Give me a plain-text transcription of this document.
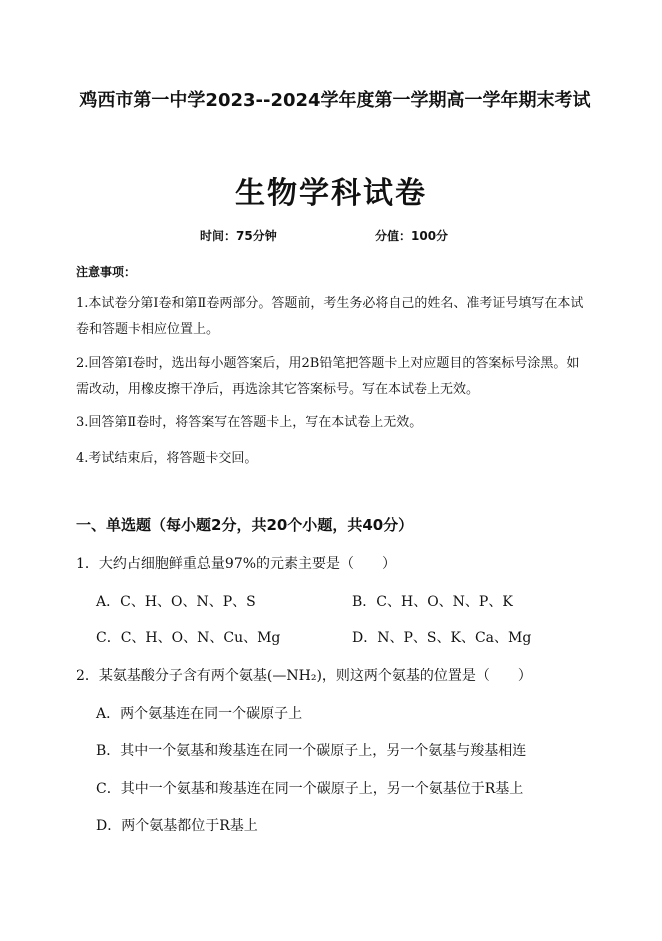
鸡西市第一中学2023--2024学年度第一学期高一学年期末考试
生物学科试卷
时间：75分钟	分值：100分
注意事项：
1.本试卷分第Ⅰ卷和第Ⅱ卷两部分。答题前，考生务必将自己的姓名、准考证号填写在本试卷和答题卡相应位置上。
2.回答第Ⅰ卷时，选出每小题答案后，用2B铅笔把答题卡上对应题目的答案标号涂黑。如需改动，用橡皮擦干净后，再选涂其它答案标号。写在本试卷上无效。
3.回答第Ⅱ卷时，将答案写在答题卡上，写在本试卷上无效。
4.考试结束后，将答题卡交回。
一、单选题（每小题2分，共20个小题，共40分）
1．大约占细胞鲜重总量97%的元素主要是（　　）
A．C、H、O、N、P、S	B．C、H、O、N、P、K
C．C、H、O、N、Cu、Mg	D．N、P、S、K、Ca、Mg
2．某氨基酸分子含有两个氨基(—NH₂)，则这两个氨基的位置是（　　）
A．两个氨基连在同一个碳原子上
B．其中一个氨基和羧基连在同一个碳原子上，另一个氨基与羧基相连
C．其中一个氨基和羧基连在同一个碳原子上，另一个氨基位于R基上
D．两个氨基都位于R基上
